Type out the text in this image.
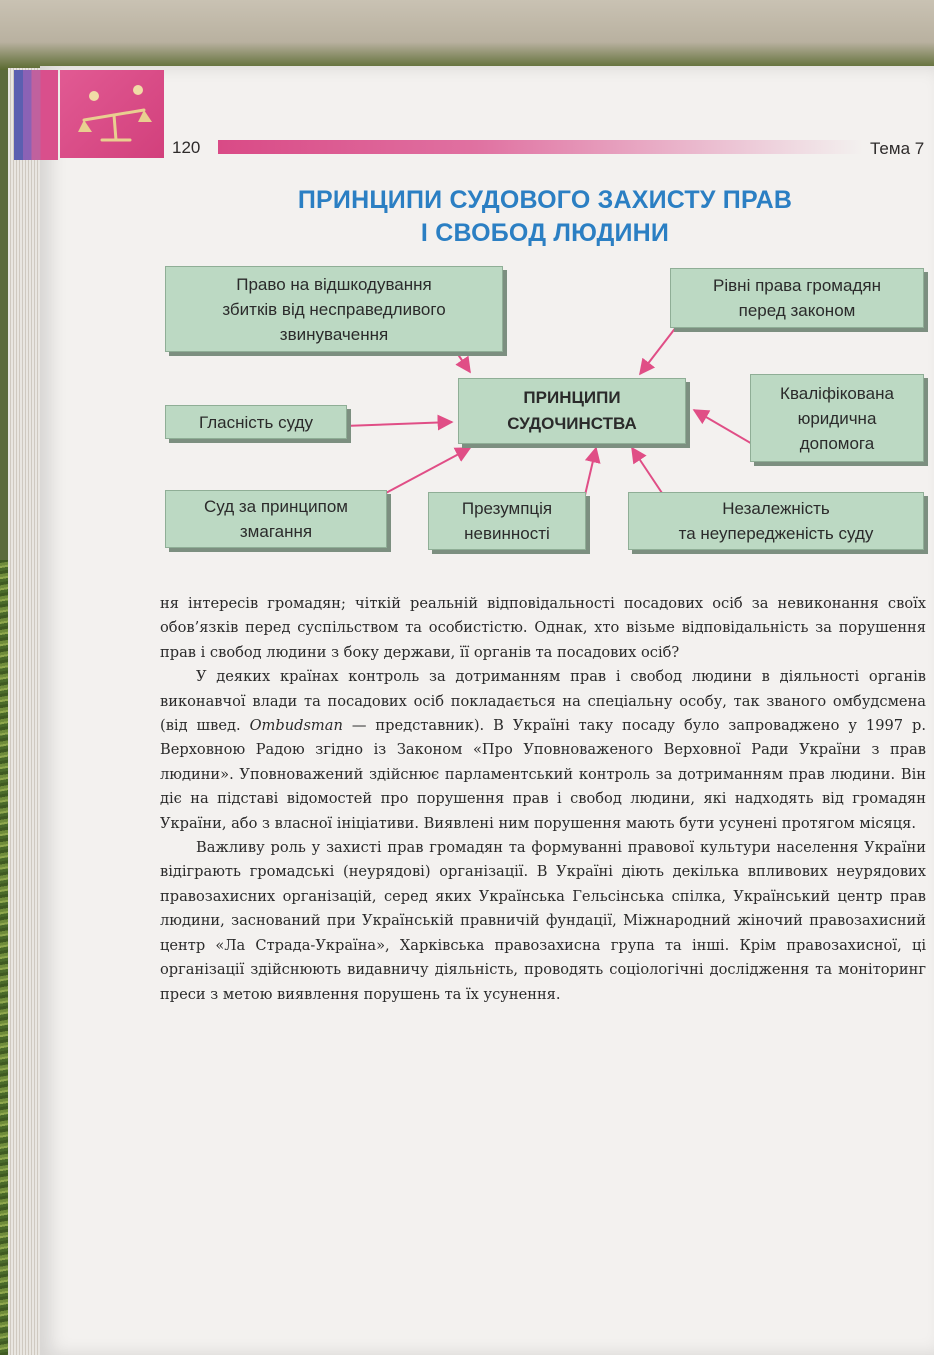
120	Тема 7
ПРИНЦИПИ СУДОВОГО ЗАХИСТУ ПРАВ
І СВОБОД ЛЮДИНИ
Право на відшкодування
збитків від несправедливого
звинувачення
Рівні права громадян
перед законом
ПРИНЦИПИ
СУДОЧИНСТВА
Гласність суду
Кваліфікована
юридична
допомога
Суд за принципом
змагання
Презумпція
невинності
Незалежність
та неупередженість суду

ня інтересів громадян; чіткій реальній відповідальності посадових осіб за невиконання своїх обов’язків перед суспільством та особистістю. Однак, хто візьме відповідальність за порушення прав і свобод людини з боку держави, її органів та посадових осіб?

У деяких країнах контроль за дотриманням прав і свобод людини в діяльності органів виконавчої влади та посадових осіб покладається на спеціальну особу, так званого омбудсмена (від швед. Ombudsman — представник). В Україні таку посаду було запроваджено у 1997 р. Верховною Радою згідно із Законом «Про Уповноваженого Верховної Ради України з прав людини». Уповноважений здійснює парламентський контроль за дотриманням прав людини. Він діє на підставі відомостей про порушення прав і свобод людини, які надходять від громадян України, або з власної ініціативи. Виявлені ним порушення мають бути усунені протягом місяця.

Важливу роль у захисті прав громадян та формуванні правової культури населення України відіграють громадські (неурядові) організації. В Україні діють декілька впливових неурядових правозахисних організацій, серед яких Українська Гельсінська спілка, Український центр прав людини, заснований при Українській правничій фундації, Міжнародний жіночий правозахисний центр «Ла Страда-Україна», Харківська правозахисна група та інші. Крім правозахисної, ці організації здійснюють видавничу діяльність, проводять соціологічні дослідження та моніторинг преси з метою виявлення порушень та їх усунення.
